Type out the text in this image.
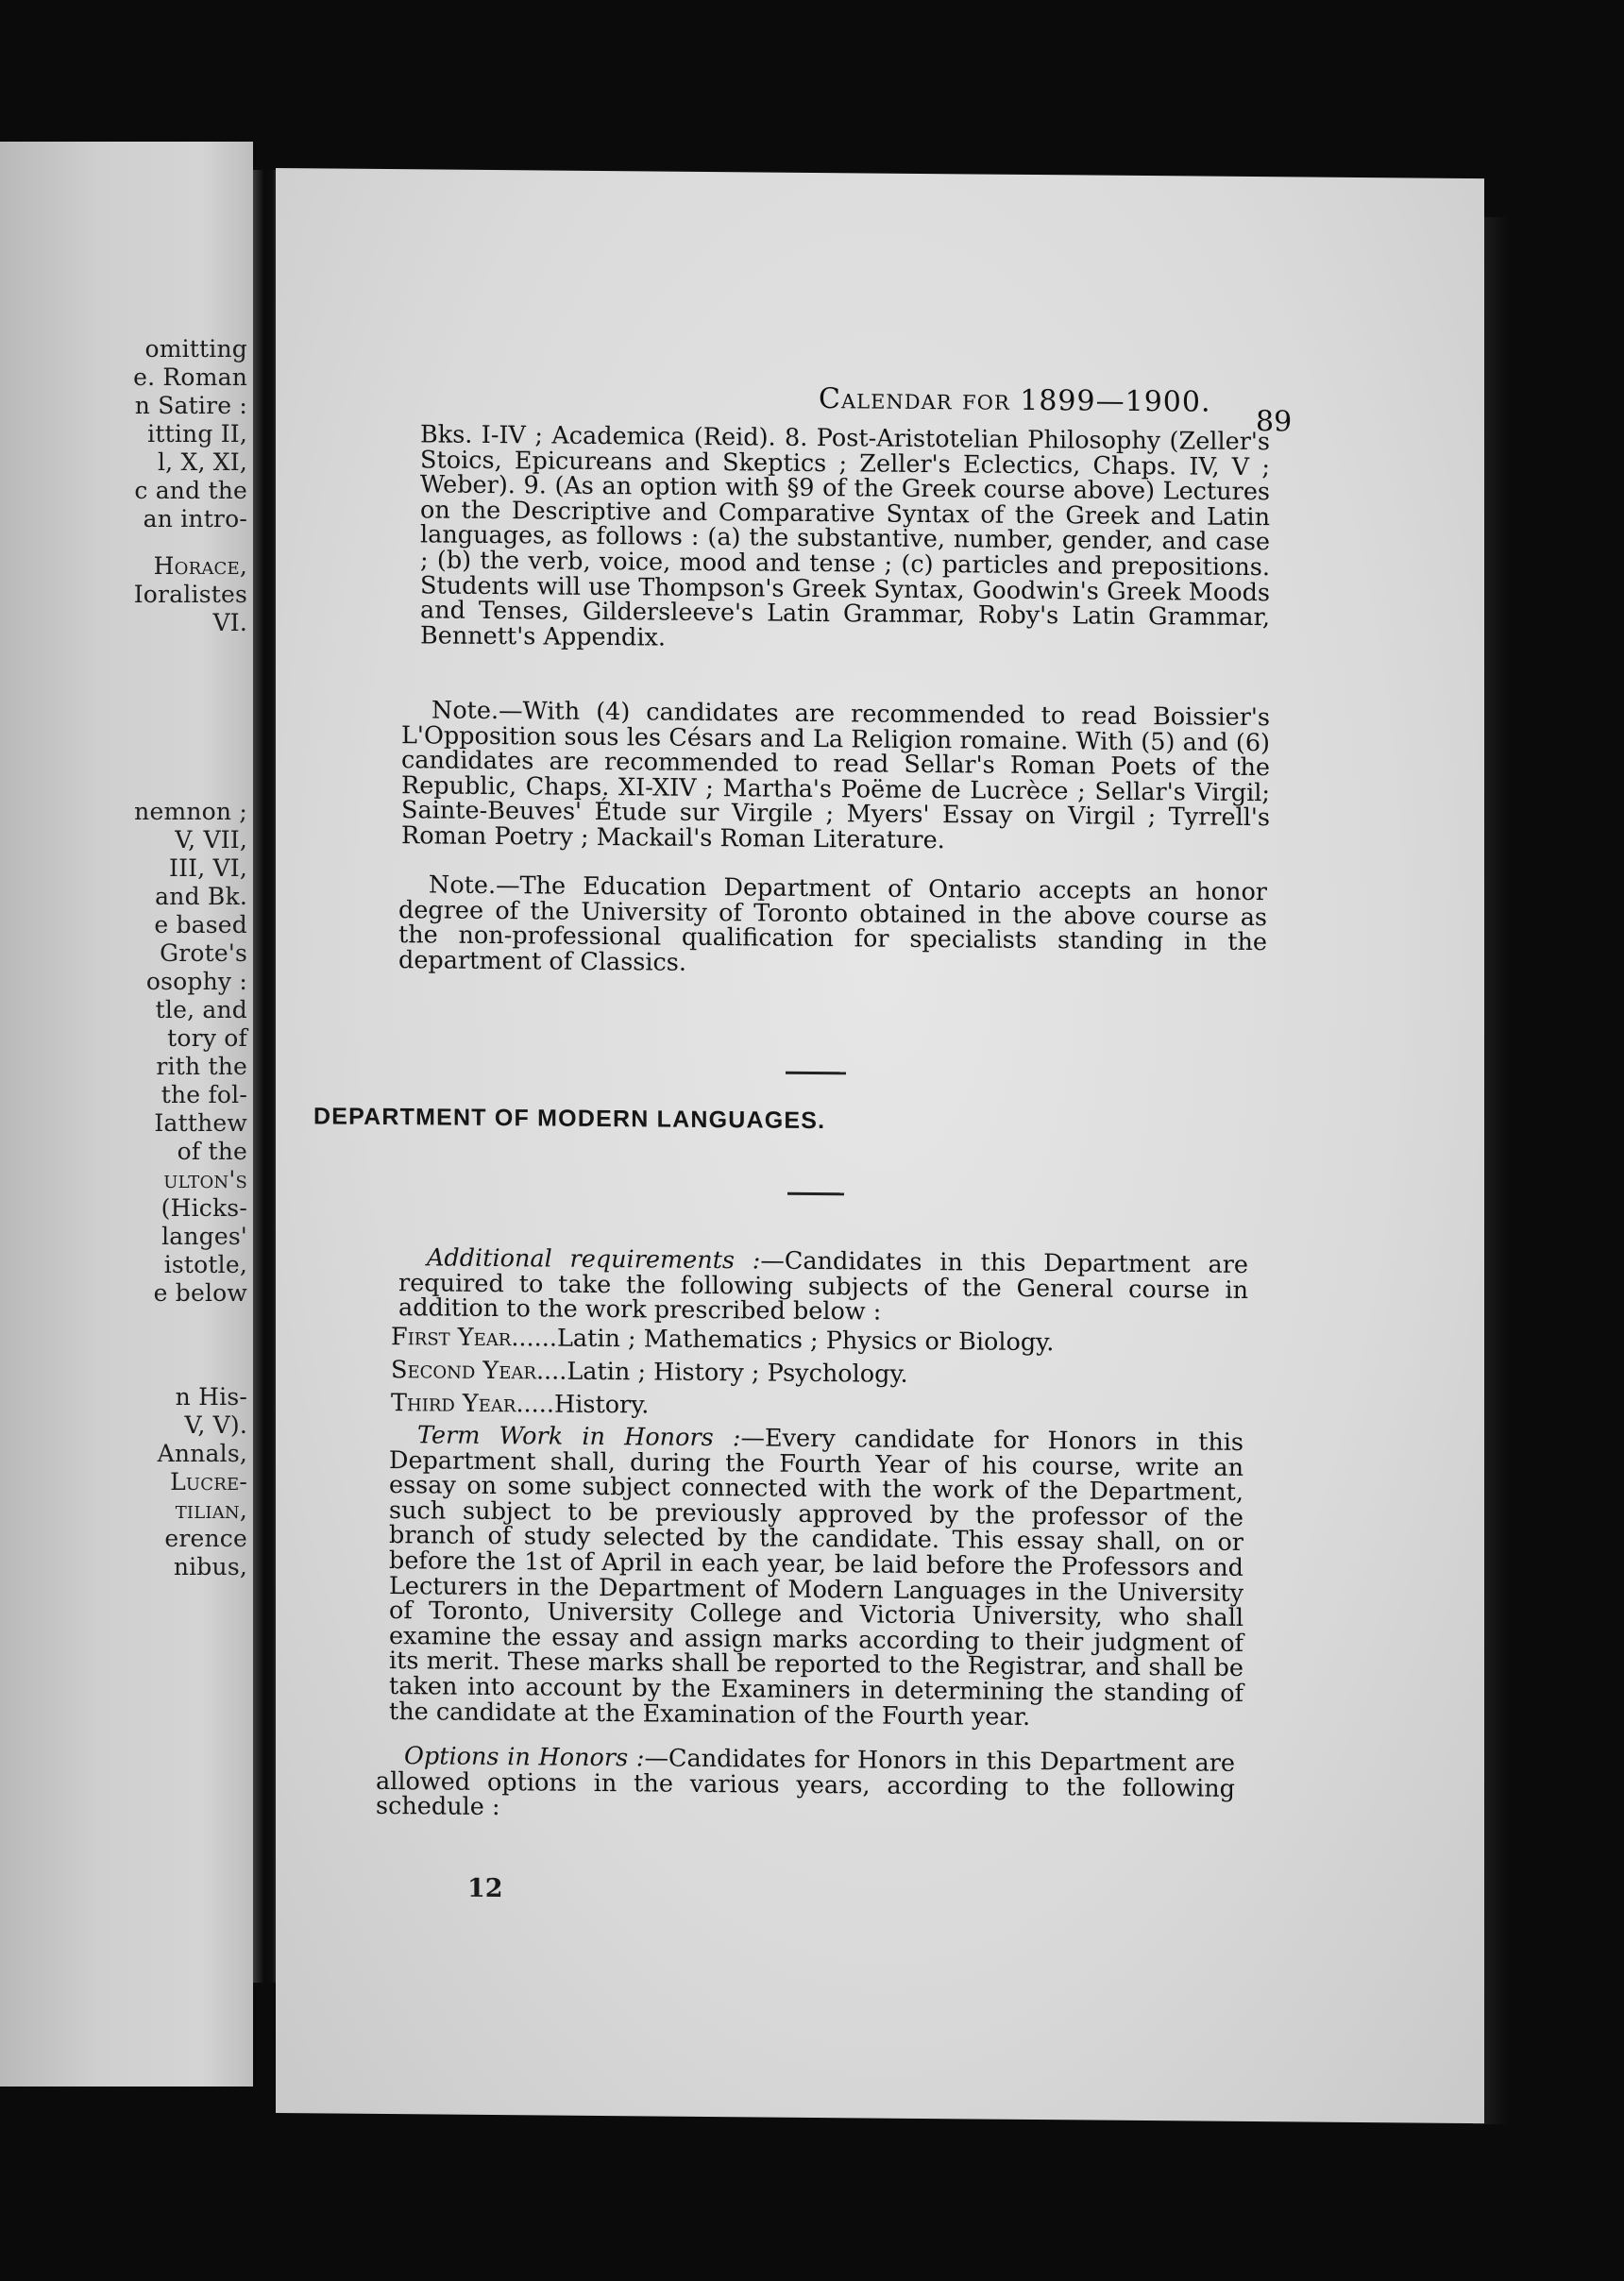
omitting
e. Roman
n Satire :
itting II,
l, X, XI,
c and the
an intro-
Horace,
Ioralistes
VI.
nemnon ;
V, VII,
III, VI,
and Bk.
e based
Grote's
osophy :
tle, and
tory of
rith the
the fol-
Iatthew
of the
ulton's
(Hicks-
langes'
istotle,
e below
n His-
V, V).
Annals,
Lucre-
tilian,
erence
nibus,
Calendar for 1899—1900.
89

Bks. I-IV ; Academica (Reid). 8. Post-Aristotelian Philosophy (Zeller's Stoics, Epicureans and Skeptics ; Zeller's Eclectics, Chaps. IV, V ; Weber). 9. (As an option with §9 of the Greek course above) Lectures on the Descriptive and Comparative Syntax of the Greek and Latin languages, as follows : (a) the substantive, number, gender, and case ; (b) the verb, voice, mood and tense ; (c) particles and prepositions. Students will use Thompson's Greek Syntax, Goodwin's Greek Moods and Tenses, Gildersleeve's Latin Grammar, Roby's Latin Grammar, Bennett's Appendix.

Note.—With (4) candidates are recommended to read Boissier's L'Opposition sous les Césars and La Religion romaine. With (5) and (6) candidates are recommended to read Sellar's Roman Poets of the Republic, Chaps. XI-XIV ; Martha's Poëme de Lucrèce ; Sellar's Virgil; Sainte-Beuves' Étude sur Virgile ; Myers' Essay on Virgil ; Tyrrell's Roman Poetry ; Mackail's Roman Literature.

Note.—The Education Department of Ontario accepts an honor degree of the University of Toronto obtained in the above course as the non-professional qualification for specialists standing in the department of Classics.

DEPARTMENT OF MODERN LANGUAGES.

Additional requirements :—Candidates in this Department are required to take the following subjects of the General course in addition to the work prescribed below :

First Year......Latin ; Mathematics ; Physics or Biology.
Second Year....Latin ; History ; Psychology.
Third Year.....History.

Term Work in Honors :—Every candidate for Honors in this Department shall, during the Fourth Year of his course, write an essay on some subject connected with the work of the Department, such subject to be previously approved by the professor of the branch of study selected by the candidate. This essay shall, on or before the 1st of April in each year, be laid before the Professors and Lecturers in the Department of Modern Languages in the University of Toronto, University College and Victoria University, who shall examine the essay and assign marks according to their judgment of its merit. These marks shall be reported to the Registrar, and shall be taken into account by the Examiners in determining the standing of the candidate at the Examination of the Fourth year.

Options in Honors :—Candidates for Honors in this Department are allowed options in the various years, according to the following schedule :

12
